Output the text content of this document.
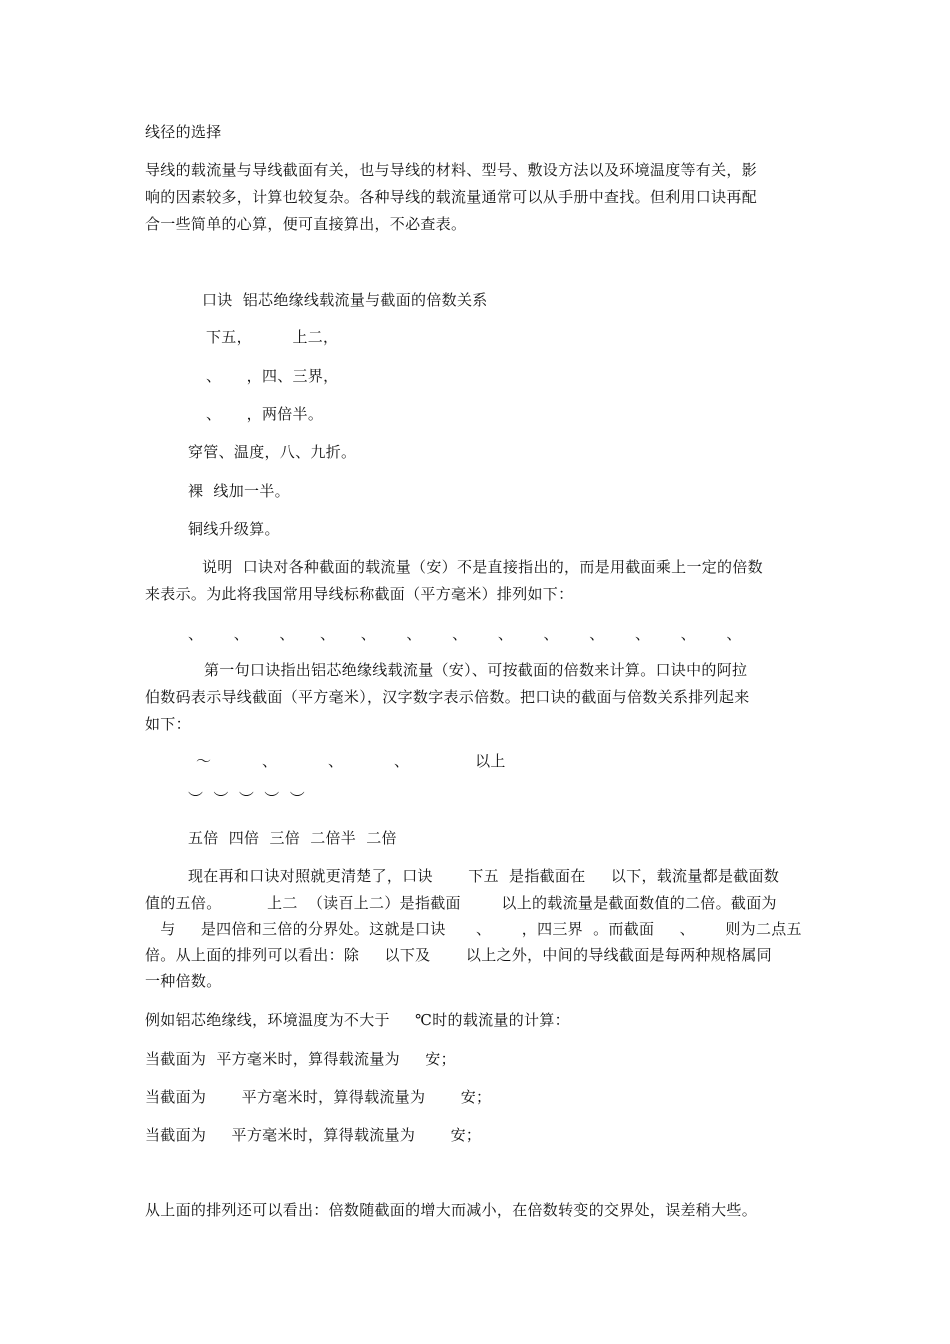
线径的选择
导线的载流量与导线截面有关，也与导线的材料、型号、敷设方法以及环境温度等有关，影
响的因素较多，计算也较复杂。各种导线的载流量通常可以从手册中查找。但利用口诀再配
合一些简单的心算，便可直接算出，不必查表。
口诀  铝芯绝缘线载流量与截面的倍数关系
下五，        上二，
、     ，四、三界，
、     ，两倍半。
穿管、温度，八、九折。
裸  线加一半。
铜线升级算。
说明  口诀对各种截面的载流量（安）不是直接指出的，而是用截面乘上一定的倍数
来表示。为此将我国常用导线标称截面（平方毫米）排列如下：
、      、      、     、     、      、      、      、      、      、      、      、      、
第一句口诀指出铝芯绝缘线载流量（安）、可按截面的倍数来计算。口诀中的阿拉
伯数码表示导线截面（平方毫米），汉字数字表示倍数。把口诀的截面与倍数关系排列起来
如下：
～          、          、          、             以上
︶  ︶  ︶  ︶  ︶
五倍  四倍  三倍  二倍半  二倍
现在再和口诀对照就更清楚了，口诀       下五  是指截面在     以下，载流量都是截面数
值的五倍。         上二  （读百上二）是指截面        以上的载流量是截面数值的二倍。截面为
与     是四倍和三倍的分界处。这就是口诀      、      ，四三界  。而截面     、      则为二点五
倍。从上面的排列可以看出：除     以下及       以上之外，中间的导线截面是每两种规格属同
一种倍数。
例如铝芯绝缘线，环境温度为不大于     ℃时的载流量的计算：
当截面为  平方毫米时，算得载流量为     安；
当截面为       平方毫米时，算得载流量为       安；
当截面为     平方毫米时，算得载流量为       安；
从上面的排列还可以看出：倍数随截面的增大而减小，在倍数转变的交界处，误差稍大些。
